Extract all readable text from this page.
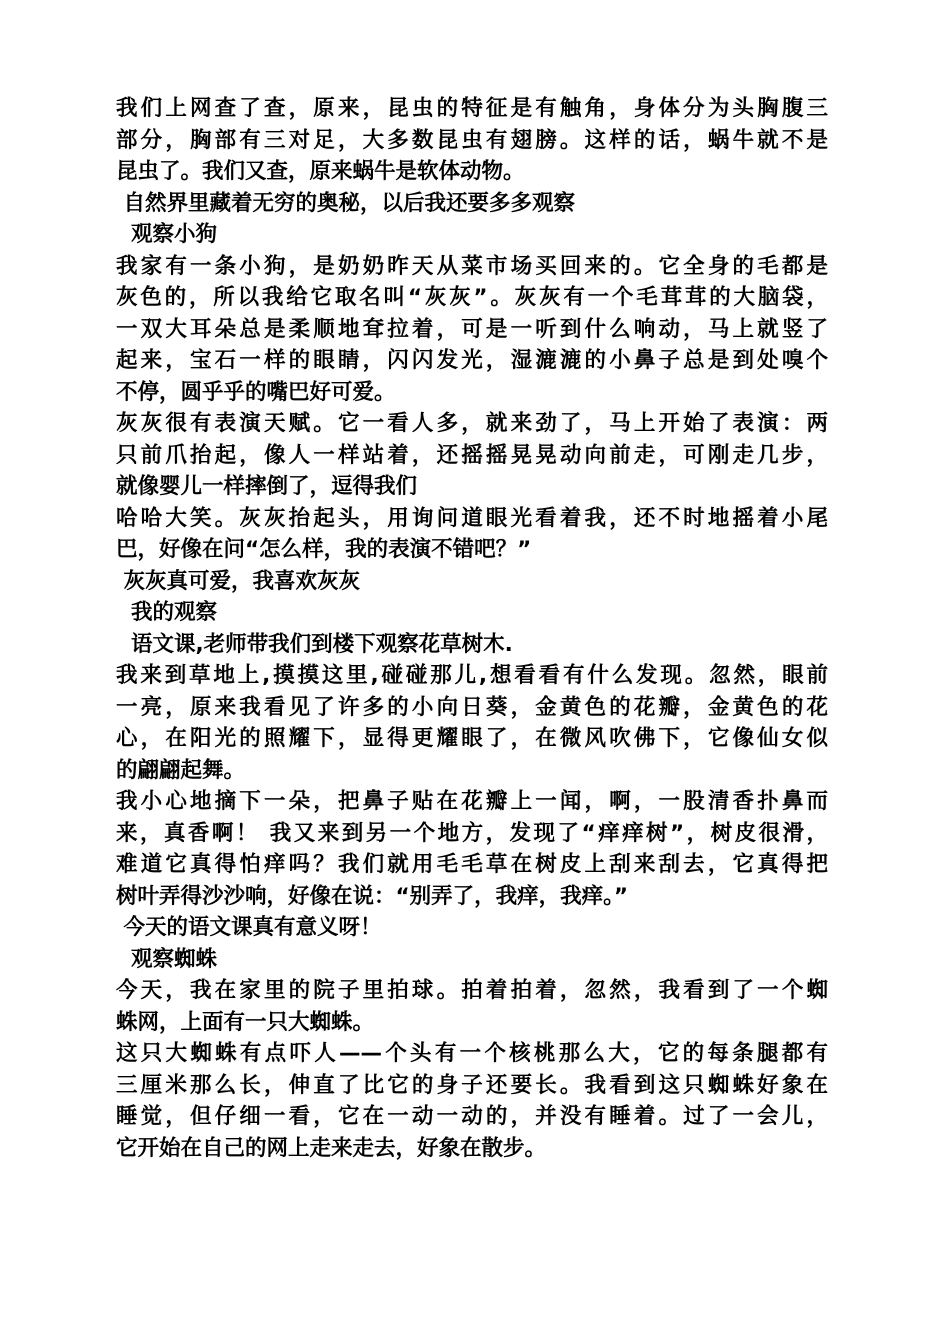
我们上网查了查，原来，昆虫的特征是有触角，身体分为头胸腹三
部分，胸部有三对足，大多数昆虫有翅膀。这样的话，蜗牛就不是
昆虫了。我们又查，原来蜗牛是软体动物。
自然界里藏着无穷的奥秘，以后我还要多多观察
观察小狗
我家有一条小狗，是奶奶昨天从菜市场买回来的。它全身的毛都是
灰色的，所以我给它取名叫“灰灰”。灰灰有一个毛茸茸的大脑袋，
一双大耳朵总是柔顺地耷拉着，可是一听到什么响动，马上就竖了
起来，宝石一样的眼睛，闪闪发光，湿漉漉的小鼻子总是到处嗅个
不停，圆乎乎的嘴巴好可爱。
灰灰很有表演天赋。它一看人多，就来劲了，马上开始了表演：两
只前爪抬起，像人一样站着，还摇摇晃晃动向前走，可刚走几步，
就像婴儿一样摔倒了，逗得我们
哈哈大笑。灰灰抬起头，用询问道眼光看着我，还不时地摇着小尾
巴，好像在问“怎么样，我的表演不错吧？”
灰灰真可爱，我喜欢灰灰
我的观察
语文课,老师带我们到楼下观察花草树木.
我来到草地上,摸摸这里,碰碰那儿,想看看有什么发现。忽然，眼前
一亮，原来我看见了许多的小向日葵，金黄色的花瓣，金黄色的花
心，在阳光的照耀下，显得更耀眼了，在微风吹佛下，它像仙女似
的翩翩起舞。
我小心地摘下一朵，把鼻子贴在花瓣上一闻，啊，一股清香扑鼻而
来，真香啊！ 我又来到另一个地方，发现了“痒痒树”，树皮很滑，
难道它真得怕痒吗？我们就用毛毛草在树皮上刮来刮去，它真得把
树叶弄得沙沙响，好像在说：“别弄了，我痒，我痒。”
今天的语文课真有意义呀！
观察蜘蛛
今天，我在家里的院子里拍球。拍着拍着，忽然，我看到了一个蜘
蛛网，上面有一只大蜘蛛。
这只大蜘蛛有点吓人——个头有一个核桃那么大，它的每条腿都有
三厘米那么长，伸直了比它的身子还要长。我看到这只蜘蛛好象在
睡觉，但仔细一看，它在一动一动的，并没有睡着。过了一会儿，
它开始在自己的网上走来走去，好象在散步。
